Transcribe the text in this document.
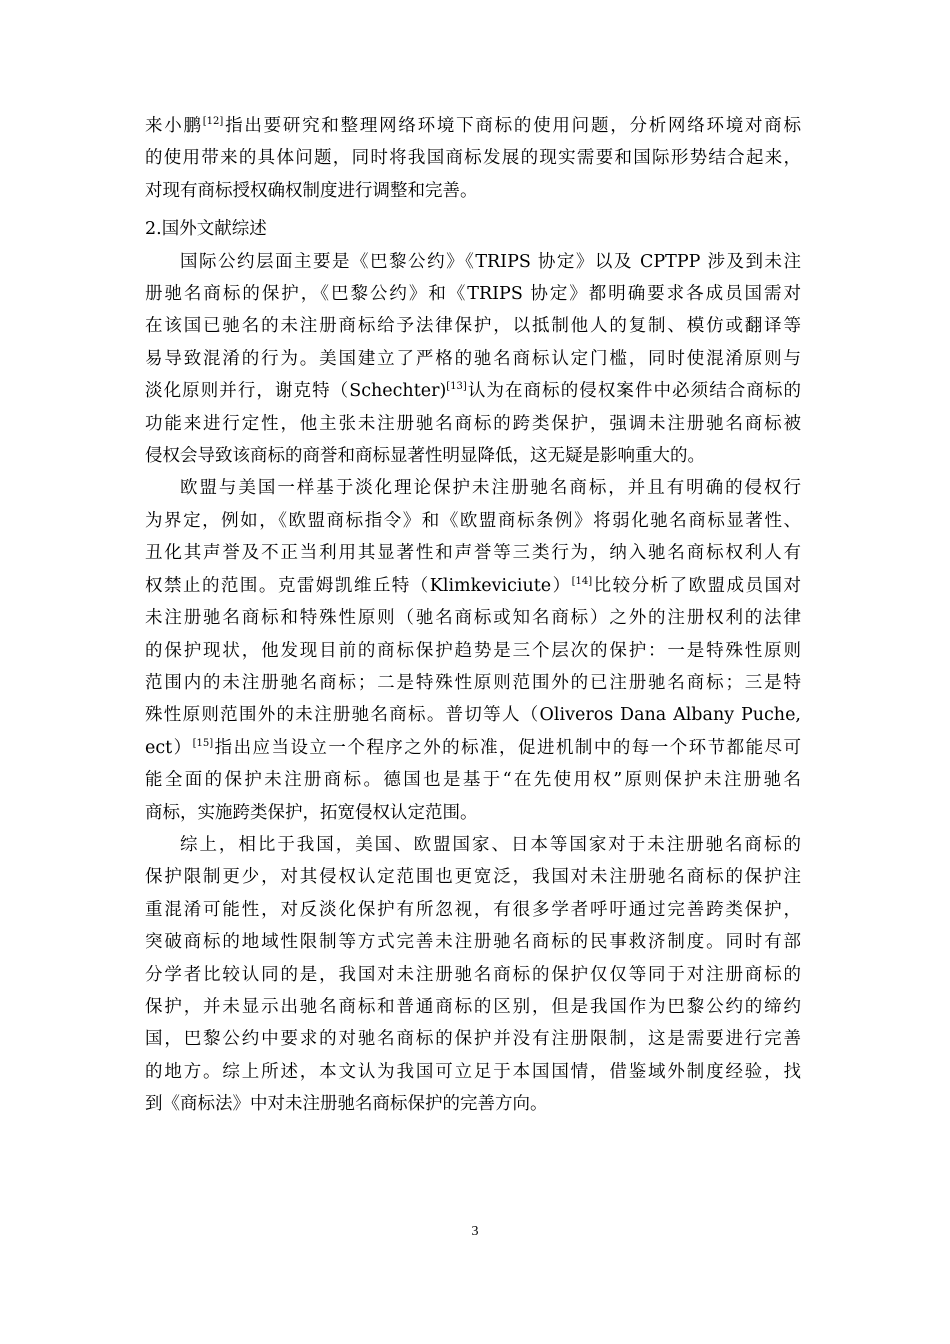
来小鹏[12]指出要研究和整理网络环境下商标的使用问题，分析网络环境对商标
的使用带来的具体问题，同时将我国商标发展的现实需要和国际形势结合起来，
对现有商标授权确权制度进行调整和完善。

2.国外文献综述

国际公约层面主要是《巴黎公约》《TRIPS 协定》以及 CPTPP 涉及到未注
册驰名商标的保护，《巴黎公约》和《TRIPS 协定》都明确要求各成员国需对
在该国已驰名的未注册商标给予法律保护，以抵制他人的复制、模仿或翻译等
易导致混淆的行为。美国建立了严格的驰名商标认定门槛，同时使混淆原则与
淡化原则并行，谢克特（Schechter)[13]认为在商标的侵权案件中必须结合商标的
功能来进行定性，他主张未注册驰名商标的跨类保护，强调未注册驰名商标被
侵权会导致该商标的商誉和商标显著性明显降低，这无疑是影响重大的。

欧盟与美国一样基于淡化理论保护未注册驰名商标，并且有明确的侵权行
为界定，例如，《欧盟商标指令》和《欧盟商标条例》将弱化驰名商标显著性、
丑化其声誉及不正当利用其显著性和声誉等三类行为，纳入驰名商标权利人有
权禁止的范围。克雷姆凯维丘特（Klimkeviciute）[14]比较分析了欧盟成员国对
未注册驰名商标和特殊性原则（驰名商标或知名商标）之外的注册权利的法律
的保护现状，他发现目前的商标保护趋势是三个层次的保护：一是特殊性原则
范围内的未注册驰名商标；二是特殊性原则范围外的已注册驰名商标；三是特
殊性原则范围外的未注册驰名商标。普切等人（Oliveros Dana Albany Puche,
ect）[15]指出应当设立一个程序之外的标准，促进机制中的每一个环节都能尽可
能全面的保护未注册商标。德国也是基于“在先使用权”原则保护未注册驰名
商标，实施跨类保护，拓宽侵权认定范围。

综上，相比于我国，美国、欧盟国家、日本等国家对于未注册驰名商标的
保护限制更少，对其侵权认定范围也更宽泛，我国对未注册驰名商标的保护注
重混淆可能性，对反淡化保护有所忽视，有很多学者呼吁通过完善跨类保护，
突破商标的地域性限制等方式完善未注册驰名商标的民事救济制度。同时有部
分学者比较认同的是，我国对未注册驰名商标的保护仅仅等同于对注册商标的
保护，并未显示出驰名商标和普通商标的区别，但是我国作为巴黎公约的缔约
国，巴黎公约中要求的对驰名商标的保护并没有注册限制，这是需要进行完善
的地方。综上所述，本文认为我国可立足于本国国情，借鉴域外制度经验，找
到《商标法》中对未注册驰名商标保护的完善方向。

3
